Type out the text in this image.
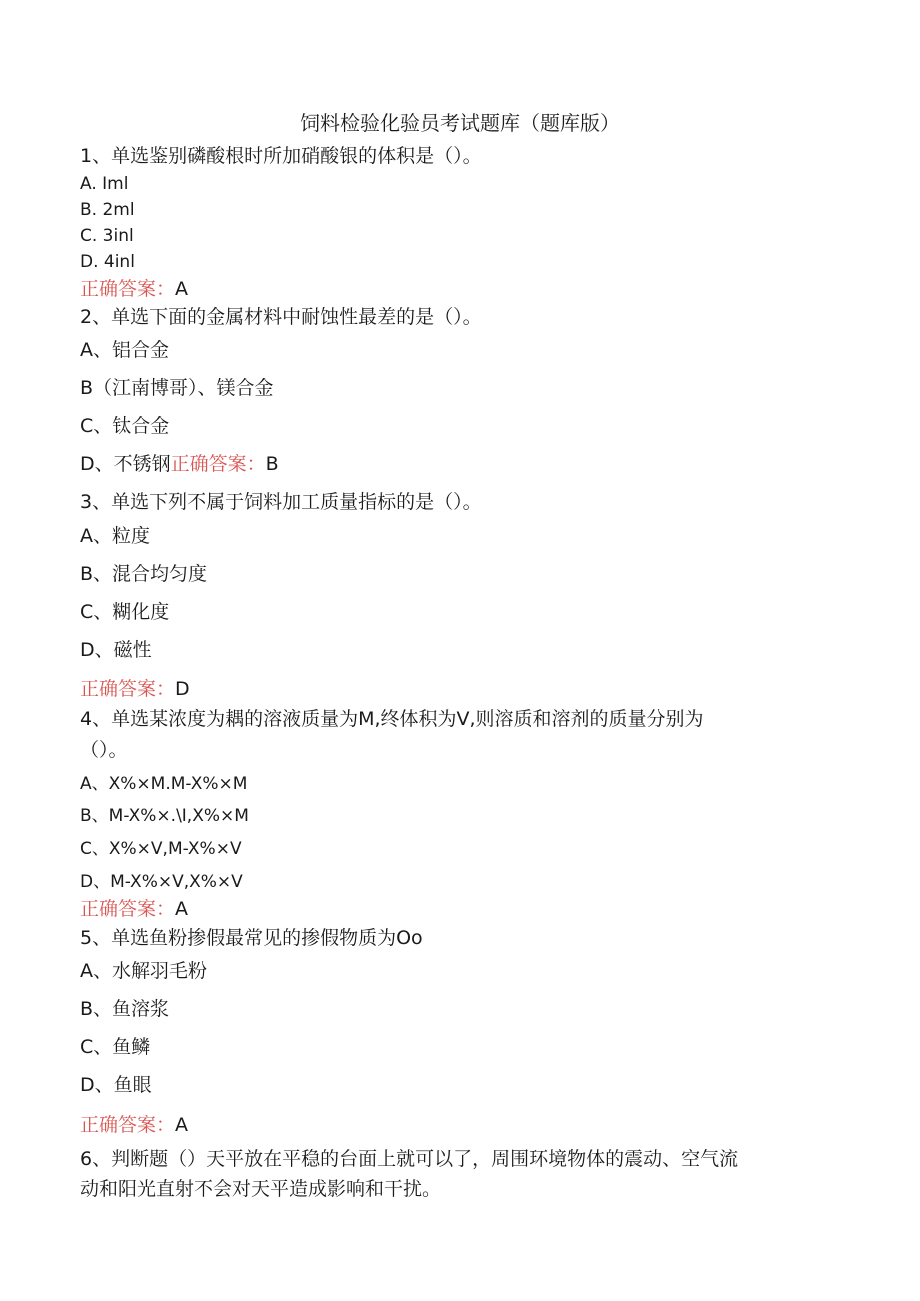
饲料检验化验员考试题库（题库版）
1、单选鉴别磷酸根时所加硝酸银的体积是（）。
A. Iml
B. 2ml
C. 3inl
D. 4inl
正确答案：A
2、单选下面的金属材料中耐蚀性最差的是（）。
A、铝合金
B（江南博哥）、镁合金
C、钛合金
D、不锈钢正确答案：B
3、单选下列不属于饲料加工质量指标的是（）。
A、粒度
B、混合均匀度
C、糊化度
D、磁性
正确答案：D
4、单选某浓度为耦的溶液质量为M,终体积为V,则溶质和溶剂的质量分别为
（）。
A、X%×M.M-X%×M
B、M-X%×.\I,X%×M
C、X%×V,M-X%×V
D、M-X%×V,X%×V
正确答案：A
5、单选鱼粉掺假最常见的掺假物质为Oo
A、水解羽毛粉
B、鱼溶浆
C、鱼鳞
D、鱼眼
正确答案：A
6、判断题（）天平放在平稳的台面上就可以了，周围环境物体的震动、空气流
动和阳光直射不会对天平造成影响和干扰。
